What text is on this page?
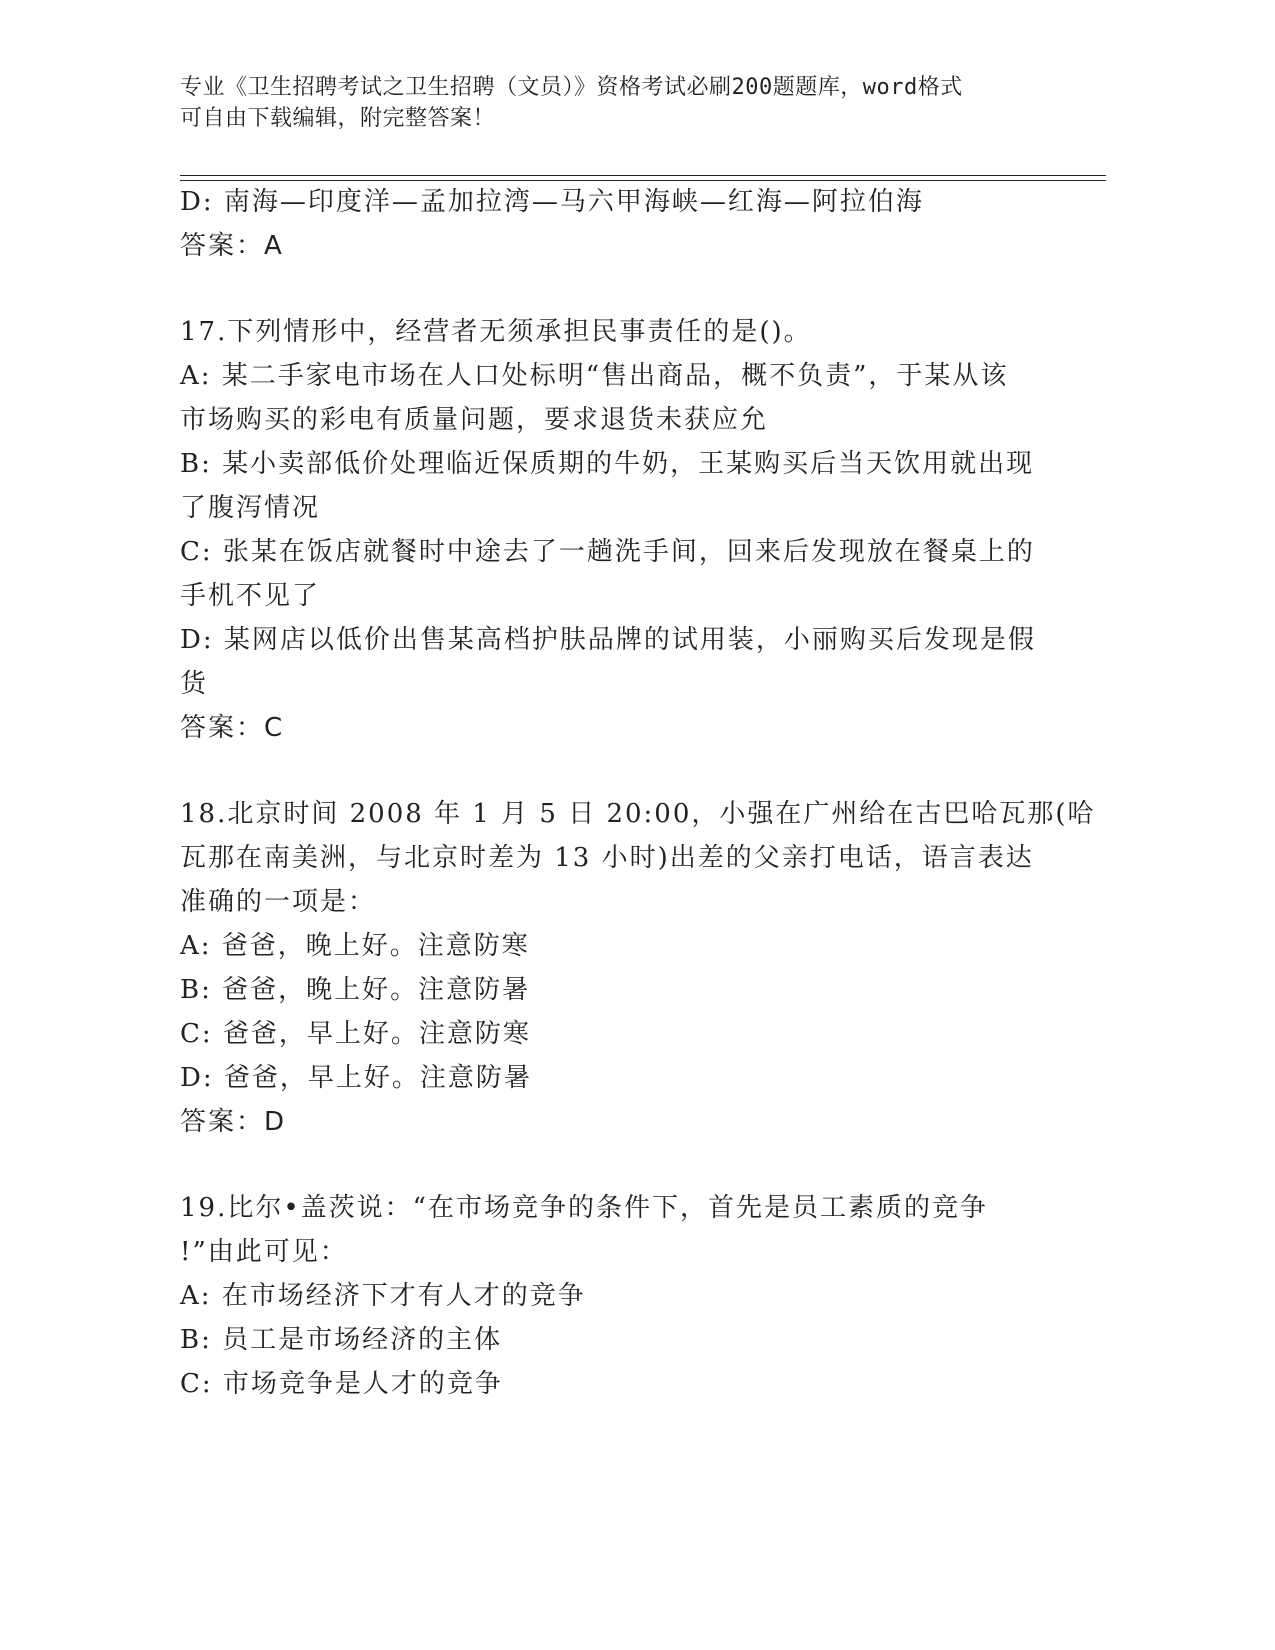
专业《卫生招聘考试之卫生招聘（文员）》资格考试必刷200题题库，word格式
可自由下载编辑，附完整答案！
D: 南海—印度洋—孟加拉湾—马六甲海峡—红海—阿拉伯海
答案：A
17.下列情形中，经营者无须承担民事责任的是()。
A: 某二手家电市场在人口处标明“售出商品，概不负责”，于某从该
市场购买的彩电有质量问题，要求退货未获应允
B: 某小卖部低价处理临近保质期的牛奶，王某购买后当天饮用就出现
了腹泻情况
C: 张某在饭店就餐时中途去了一趟洗手间，回来后发现放在餐桌上的
手机不见了
D: 某网店以低价出售某高档护肤品牌的试用装，小丽购买后发现是假
货
答案：C
18.北京时间 2008 年 1 月 5 日 20:00，小强在广州给在古巴哈瓦那(哈
瓦那在南美洲，与北京时差为 13 小时)出差的父亲打电话，语言表达
准确的一项是：
A: 爸爸，晚上好。注意防寒
B: 爸爸，晚上好。注意防暑
C: 爸爸，早上好。注意防寒
D: 爸爸，早上好。注意防暑
答案：D
19.比尔•盖茨说：“在市场竞争的条件下，首先是员工素质的竞争
!”由此可见：
A: 在市场经济下才有人才的竞争
B: 员工是市场经济的主体
C: 市场竞争是人才的竞争
